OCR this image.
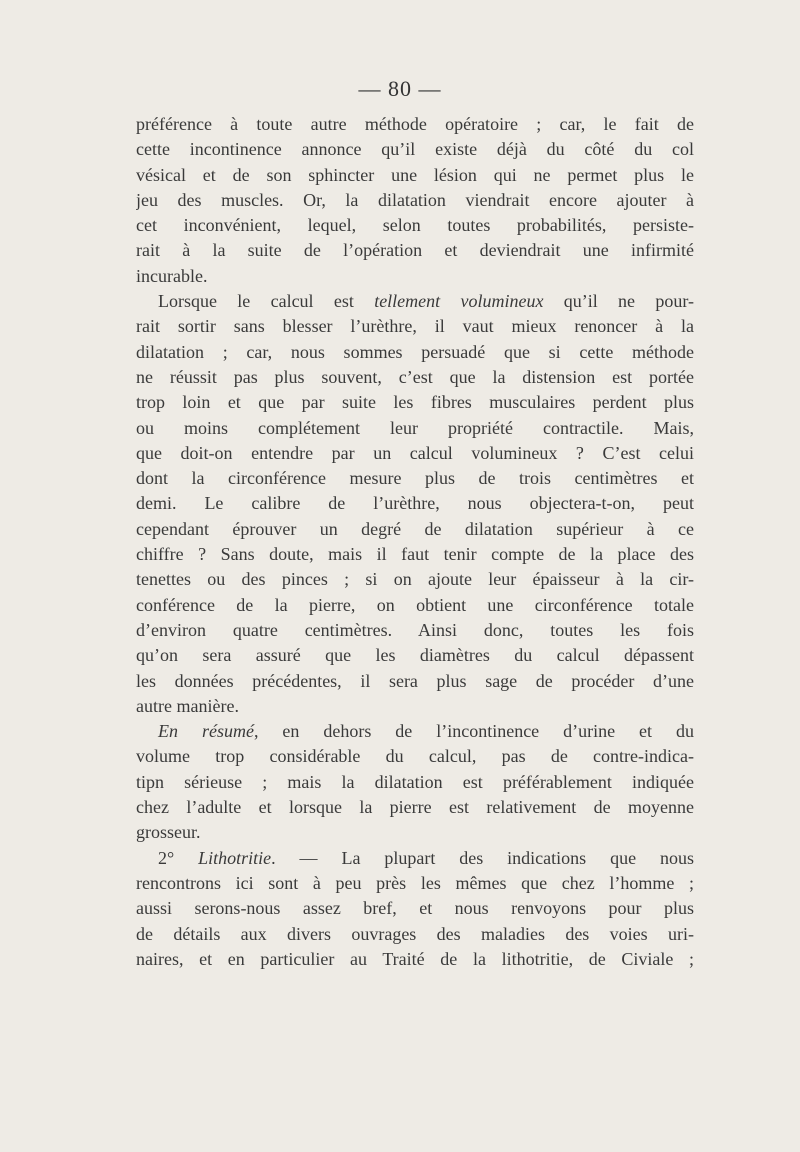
— 80 —
préférence à toute autre méthode opératoire ; car, le fait de
cette incontinence annonce qu’il existe déjà du côté du col
vésical et de son sphincter une lésion qui ne permet plus le
jeu des muscles. Or, la dilatation viendrait encore ajouter à
cet inconvénient, lequel, selon toutes probabilités, persiste-
rait à la suite de l’opération et deviendrait une infirmité
incurable.
Lorsque le calcul est tellement volumineux qu’il ne pour-
rait sortir sans blesser l’urèthre, il vaut mieux renoncer à la
dilatation ; car, nous sommes persuadé que si cette méthode
ne réussit pas plus souvent, c’est que la distension est portée
trop loin et que par suite les fibres musculaires perdent plus
ou moins complétement leur propriété contractile. Mais,
que doit-on entendre par un calcul volumineux ? C’est celui
dont la circonférence mesure plus de trois centimètres et
demi. Le calibre de l’urèthre, nous objectera-t-on, peut
cependant éprouver un degré de dilatation supérieur à ce
chiffre ? Sans doute, mais il faut tenir compte de la place des
tenettes ou des pinces ; si on ajoute leur épaisseur à la cir-
conférence de la pierre, on obtient une circonférence totale
d’environ quatre centimètres. Ainsi donc, toutes les fois
qu’on sera assuré que les diamètres du calcul dépassent
les données précédentes, il sera plus sage de procéder d’une
autre manière.
En résumé, en dehors de l’incontinence d’urine et du
volume trop considérable du calcul, pas de contre-indica-
tipn sérieuse ; mais la dilatation est préférablement indiquée
chez l’adulte et lorsque la pierre est relativement de moyenne
grosseur.
2° Lithotritie. — La plupart des indications que nous
rencontrons ici sont à peu près les mêmes que chez l’homme ;
aussi serons-nous assez bref, et nous renvoyons pour plus
de détails aux divers ouvrages des maladies des voies uri-
naires, et en particulier au Traité de la lithotritie, de Civiale ;
